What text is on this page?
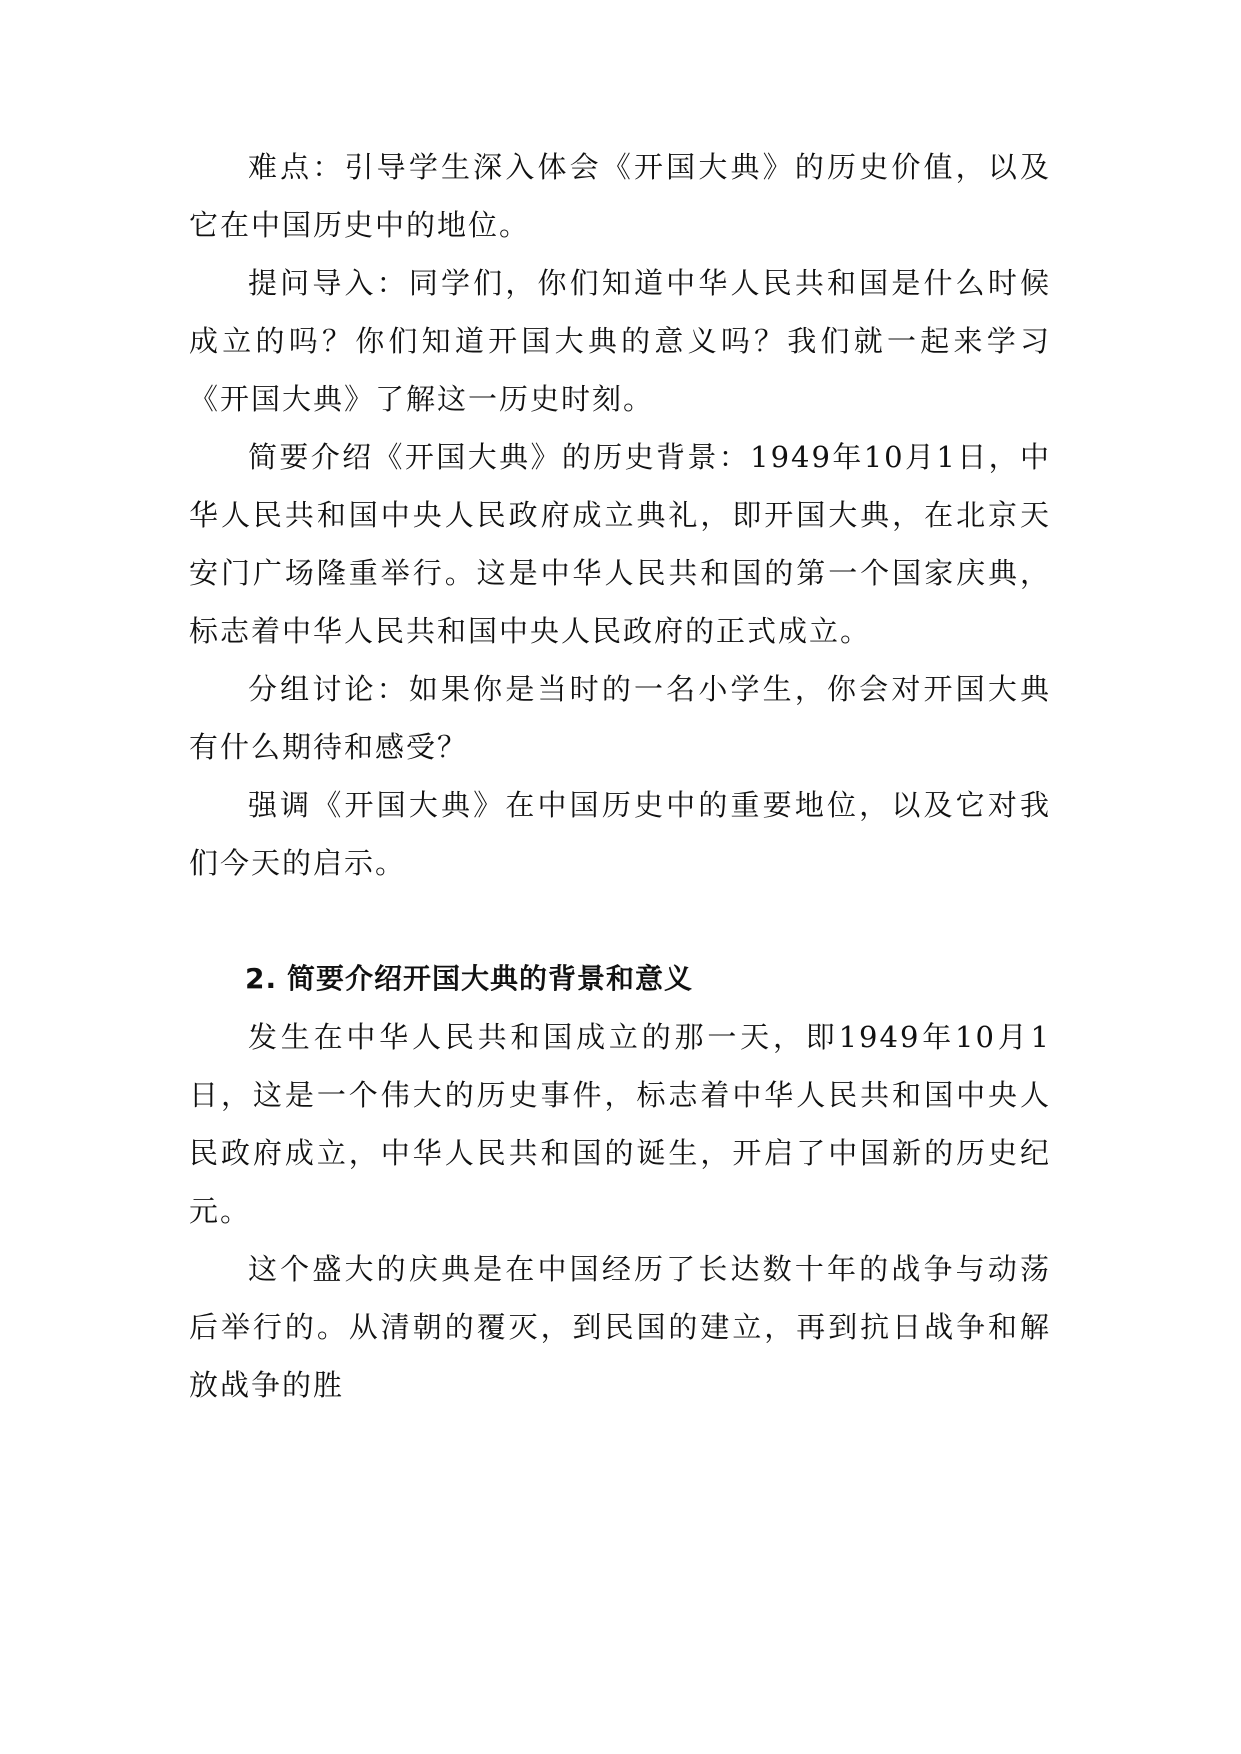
难点：引导学生深入体会《开国大典》的历史价值，以及它在中国历史中的地位。

提问导入：同学们，你们知道中华人民共和国是什么时候成立的吗？你们知道开国大典的意义吗？我们就一起来学习《开国大典》了解这一历史时刻。

简要介绍《开国大典》的历史背景：1949年10月1日，中华人民共和国中央人民政府成立典礼，即开国大典，在北京天安门广场隆重举行。这是中华人民共和国的第一个国家庆典，标志着中华人民共和国中央人民政府的正式成立。

分组讨论：如果你是当时的一名小学生，你会对开国大典有什么期待和感受？

强调《开国大典》在中国历史中的重要地位，以及它对我们今天的启示。

2. 简要介绍开国大典的背景和意义

发生在中华人民共和国成立的那一天，即1949年10月1日，这是一个伟大的历史事件，标志着中华人民共和国中央人民政府成立，中华人民共和国的诞生，开启了中国新的历史纪元。

这个盛大的庆典是在中国经历了长达数十年的战争与动荡后举行的。从清朝的覆灭，到民国的建立，再到抗日战争和解放战争的胜
